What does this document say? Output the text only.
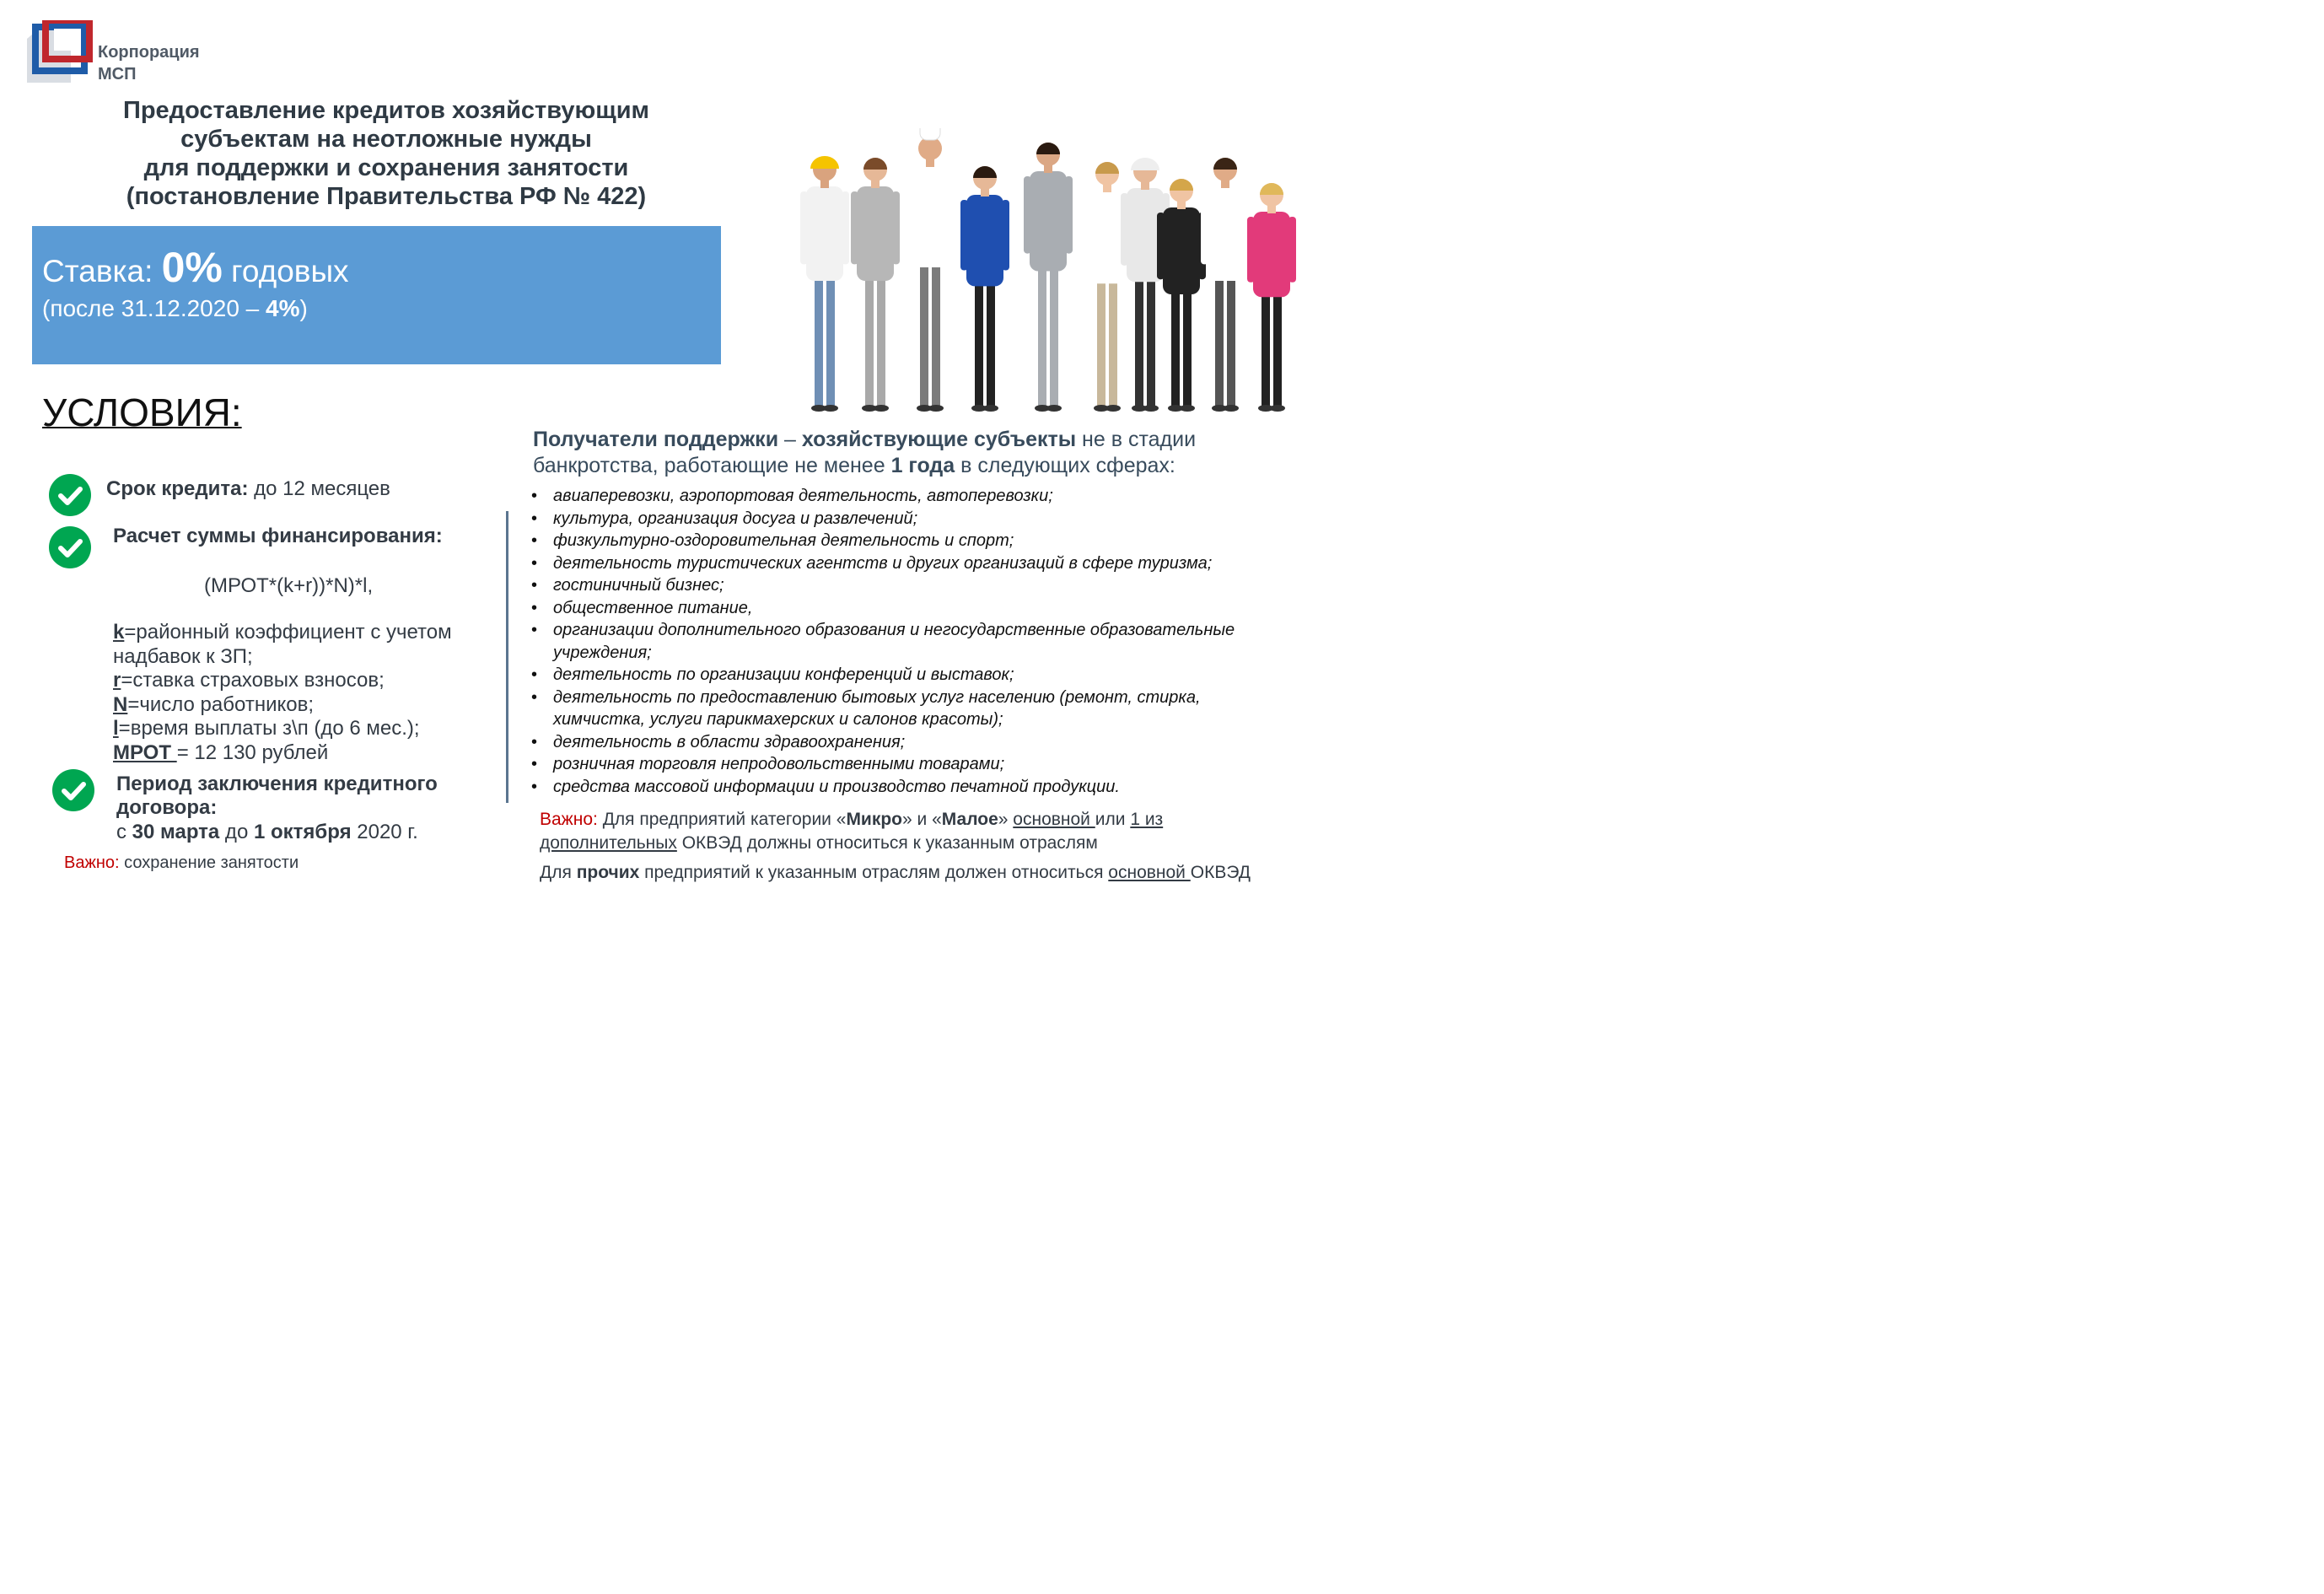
Корпорация
МСП
Предоставление кредитов хозяйствующим
субъектам на неотложные нужды
для поддержки и сохранения занятости
(постановление Правительства РФ № 422)
Ставка: 0% годовых
(после 31.12.2020 – 4%)
УСЛОВИЯ:
Срок кредита: до 12 месяцев
Расчет суммы финансирования:
(МРОТ*(k+r))*N)*l,
k=районный коэффициент с учетом
надбавок к ЗП;
r=ставка страховых взносов;
N=число работников;
l=время выплаты з\п (до 6 мес.);
МРОТ = 12 130 рублей
Период заключения кредитного
договора:
с 30 марта до 1 октября 2020 г.
Важно: сохранение занятости
Получатели поддержки – хозяйствующие субъекты не в стадии
банкротства, работающие не менее 1 года в следующих сферах:
• авиаперевозки, аэропортовая деятельность, автоперевозки;
• культура, организация досуга и развлечений;
• физкультурно-оздоровительная деятельность и спорт;
• деятельность туристических агентств и других организаций в сфере туризма;
• гостиничный бизнес;
• общественное питание,
• организации дополнительного образования и негосударственные образовательные
учреждения;
• деятельность по организации конференций и выставок;
• деятельность по предоставлению бытовых услуг населению (ремонт, стирка,
химчистка, услуги парикмахерских и салонов красоты);
• деятельность в области здравоохранения;
• розничная торговля непродовольственными товарами;
• средства массовой информации и производство печатной продукции.
Важно: Для предприятий категории «Микро» и «Малое» основной или 1 из
дополнительных ОКВЭД должны относиться к указанным отраслям
Для прочих предприятий к указанным отраслям должен относиться основной ОКВЭД
